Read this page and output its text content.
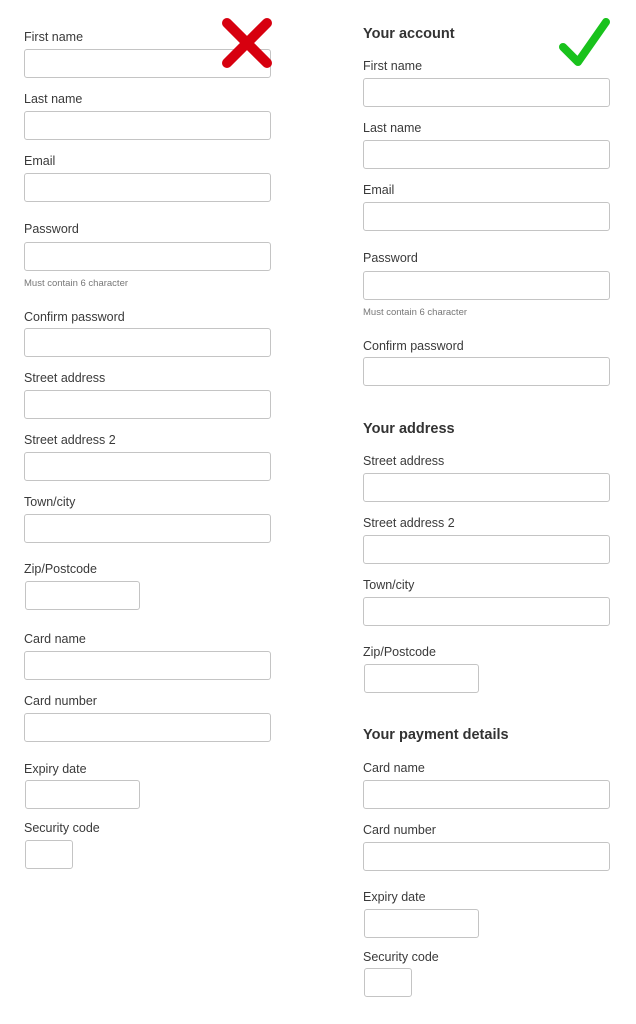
First name
Last name
Email
Password
Must contain 6 character
Confirm password
Street address
Street address 2
Town/city
Zip/Postcode
Card name
Card number
Expiry date
Security code
Your account
First name
Last name
Email
Password
Must contain 6 character
Confirm password
Your address
Street address
Street address 2
Town/city
Zip/Postcode
Your payment details
Card name
Card number
Expiry date
Security code
